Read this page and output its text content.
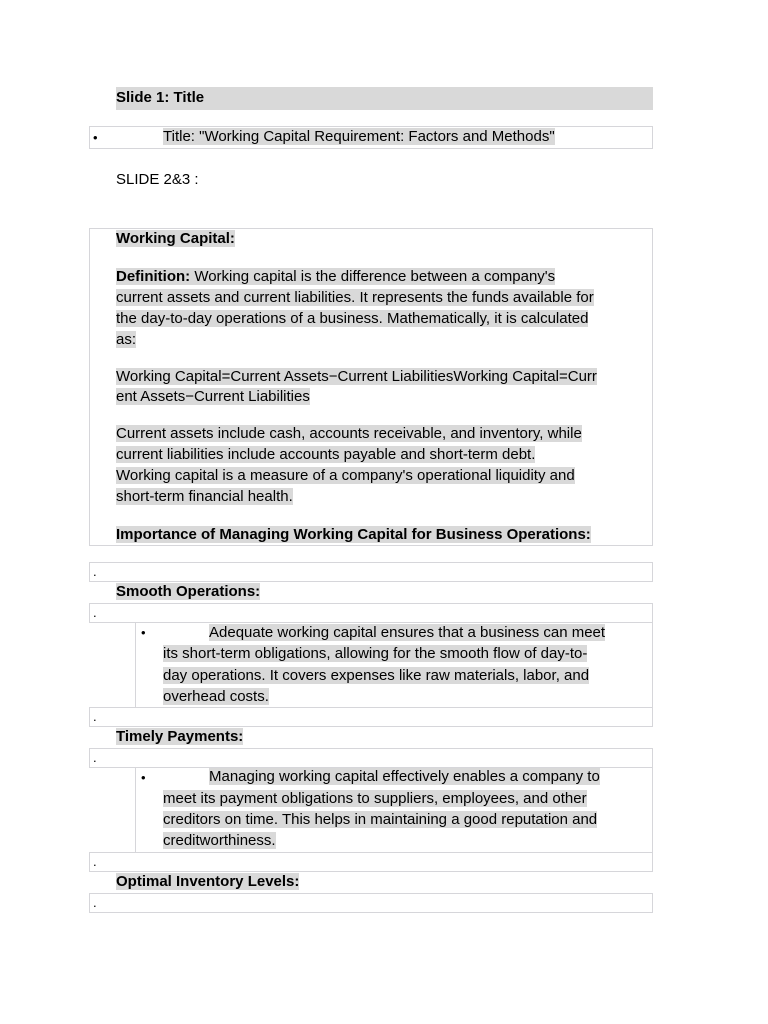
Slide 1: Title
•	Title: "Working Capital Requirement: Factors and Methods"
SLIDE 2&3 :
Working Capital:
Definition: Working capital is the difference between a company's
current assets and current liabilities. It represents the funds available for
the day-to-day operations of a business. Mathematically, it is calculated
as:
Working Capital=Current Assets−Current LiabilitiesWorking Capital=Curr
ent Assets−Current Liabilities
Current assets include cash, accounts receivable, and inventory, while
current liabilities include accounts payable and short-term debt.
Working capital is a measure of a company's operational liquidity and
short-term financial health.
Importance of Managing Working Capital for Business Operations:
.
Smooth Operations:
.
•	Adequate working capital ensures that a business can meet
its short-term obligations, allowing for the smooth flow of day-to-
day operations. It covers expenses like raw materials, labor, and
overhead costs.
.
Timely Payments:
.
•	Managing working capital effectively enables a company to
meet its payment obligations to suppliers, employees, and other
creditors on time. This helps in maintaining a good reputation and
creditworthiness.
.
Optimal Inventory Levels:
.
